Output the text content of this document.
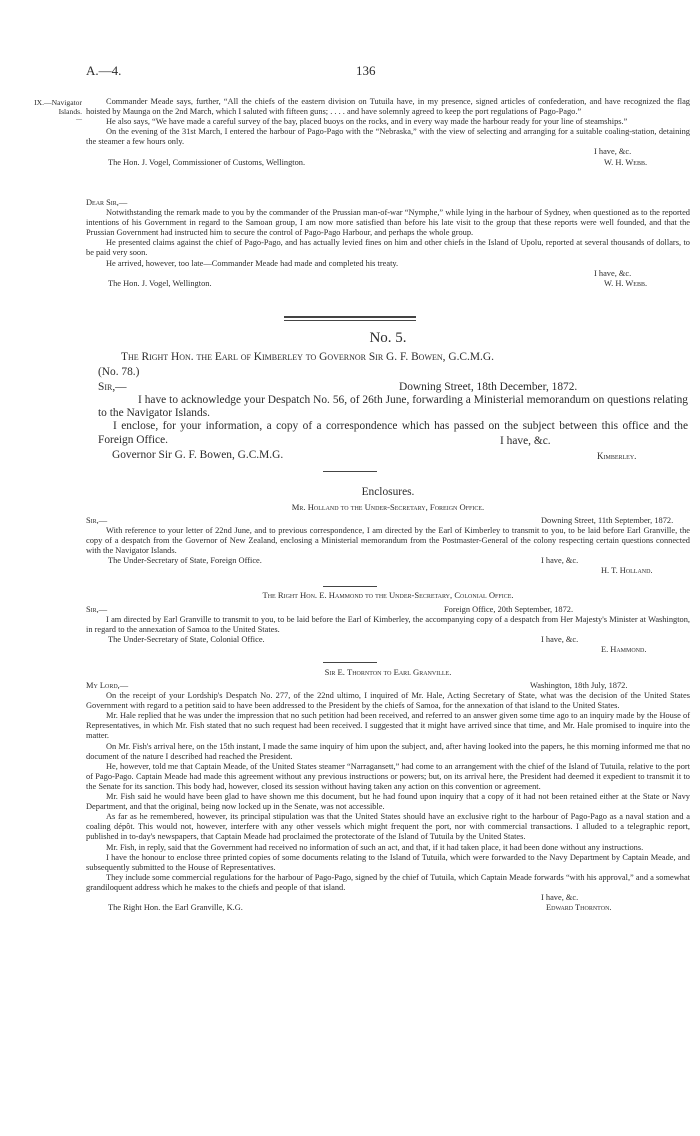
A.—4.	136
IX.—Navigator
Islands.
—

Commander Meade says, further, “All the chiefs of the eastern division on Tutuila have, in my presence, signed articles of confederation, and have recognized the flag hoisted by Maunga on the 2nd March, which I saluted with fifteen guns; . . . . and have solemnly agreed to keep the port regulations of Pago-Pago.”

He also says, “We have made a careful survey of the bay, placed buoys on the rocks, and in every way made the harbour ready for your line of steamships.”

On the evening of the 31st March, I entered the harbour of Pago-Pago with the “Nebraska,” with the view of selecting and arranging for a suitable coaling-station, detaining the steamer a few hours only.

I have, &c.
The Hon. J. Vogel, Commissioner of Customs, Wellington.	W. H. Webb.

Dear Sir,—

Notwithstanding the remark made to you by the commander of the Prussian man-of-war “Nymphe,” while lying in the harbour of Sydney, when questioned as to the reported intentions of his Government in regard to the Samoan group, I am now more satisfied than before his late visit to the group that these reports were well founded, and that the Prussian Government had instructed him to secure the control of Pago-Pago Harbour, and perhaps the whole group.

He presented claims against the chief of Pago-Pago, and has actually levied fines on him and other chiefs in the Island of Upolu, reported at several thousands of dollars, to be paid very soon.

He arrived, however, too late—Commander Meade had made and completed his treaty.

I have, &c.
The Hon. J. Vogel, Wellington.	W. H. Webb.
No. 5.
The Right Hon. the Earl of Kimberley to Governor Sir G. F. Bowen, G.C.M.G.
(No. 78.)
Sir,—	Downing Street, 18th December, 1872.

I have to acknowledge your Despatch No. 56, of 26th June, forwarding a Ministerial memorandum on questions relating to the Navigator Islands.

I enclose, for your information, a copy of a correspondence which has passed on the subject between this office and the Foreign Office.	I have, &c.
Governor Sir G. F. Bowen, G.C.M.G.	Kimberley.
Enclosures.
Mr. Holland to the Under-Secretary, Foreign Office.
Sir,—	Downing Street, 11th September, 1872.

With reference to your letter of 22nd June, and to previous correspondence, I am directed by the Earl of Kimberley to transmit to you, to be laid before Earl Granville, the copy of a despatch from the Governor of New Zealand, enclosing a Ministerial memorandum from the Postmaster-General of the colony respecting certain questions connected with the Navigator Islands.

The Under-Secretary of State, Foreign Office.	I have, &c.
H. T. Holland.
The Right Hon. E. Hammond to the Under-Secretary, Colonial Office.
Sir,—	Foreign Office, 20th September, 1872.

I am directed by Earl Granville to transmit to you, to be laid before the Earl of Kimberley, the accompanying copy of a despatch from Her Majesty's Minister at Washington, in regard to the annexation of Samoa to the United States.

The Under-Secretary of State, Colonial Office.	I have, &c.
E. Hammond.
Sir E. Thornton to Earl Granville.
My Lord,—	Washington, 18th July, 1872.

On the receipt of your Lordship's Despatch No. 277, of the 22nd ultimo, I inquired of Mr. Hale, Acting Secretary of State, what was the decision of the United States Government with regard to a petition said to have been addressed to the President by the chiefs of Samoa, for the annexation of that island to the United States.

Mr. Hale replied that he was under the impression that no such petition had been received, and referred to an answer given some time ago to an inquiry made by the House of Representatives, in which Mr. Fish stated that no such request had been received. I suggested that it might have arrived since that time, and Mr. Hale promised to inquire into the matter.

On Mr. Fish's arrival here, on the 15th instant, I made the same inquiry of him upon the subject, and, after having looked into the papers, he this morning informed me that no document of the nature I described had reached the President.

He, however, told me that Captain Meade, of the United States steamer “Narragansett,” had come to an arrangement with the chief of the Island of Tutuila, relative to the port of Pago-Pago. Captain Meade had made this agreement without any previous instructions or powers; but, on its arrival here, the President had deemed it expedient to transmit it to the Senate for its sanction. This body had, however, closed its session without having taken any action on this convention or agreement.

Mr. Fish said he would have been glad to have shown me this document, but he had found upon inquiry that a copy of it had not been retained either at the State or Navy Department, and that the original, being now locked up in the Senate, was not accessible.

As far as he remembered, however, its principal stipulation was that the United States should have an exclusive right to the harbour of Pago-Pago as a naval station and a coaling dépôt. This would not, however, interfere with any other vessels which might frequent the port, nor with commercial transactions. I alluded to a telegraphic report, published in to-day's newspapers, that Captain Meade had proclaimed the protectorate of the Island of Tutuila by the United States.

Mr. Fish, in reply, said that the Government had received no information of such an act, and that, if it had taken place, it had been done without any instructions.

I have the honour to enclose three printed copies of some documents relating to the Island of Tutuila, which were forwarded to the Navy Department by Captain Meade, and subsequently submitted to the House of Representatives.

They include some commercial regulations for the harbour of Pago-Pago, signed by the chief of Tutuila, which Captain Meade forwards “with his approval,” and a somewhat grandiloquent address which he makes to the chiefs and people of that island.

I have, &c.
The Right Hon. the Earl Granville, K.G.	Edward Thornton.
